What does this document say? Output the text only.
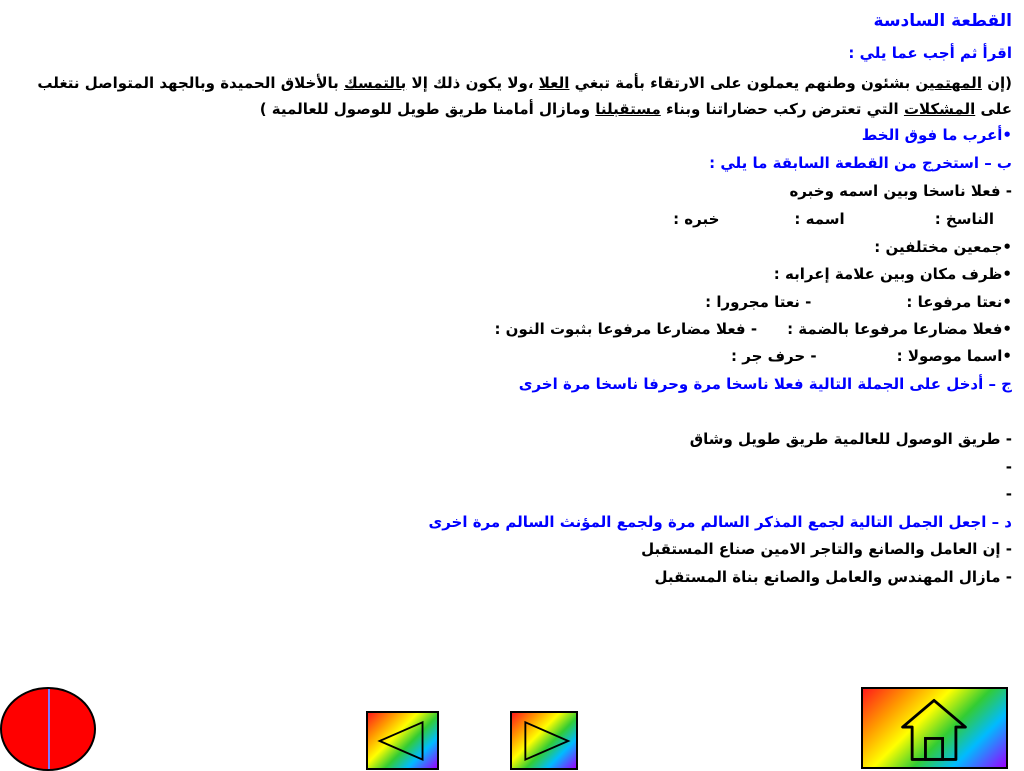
القطعة السادسة
اقرأ ثم أجب عما يلي :
(إن المهتمين بشئون وطنهم يعملون على الارتقاء بأمة تبغي العلا ،ولا يكون ذلك إلا بالتمسك بالأخلاق الحميدة وبالجهد المتواصل نتغلب
على المشكلات التي تعترض ركب حضاراتنا وبناء مستقبلنا ومازال أمامنا طريق طويل للوصول للعالمية )
•أعرب ما فوق الخط
ب – استخرج من القطعة السابقة ما يلي :
- فعلا ناسخا وبين اسمه وخبره
الناسخ :اسمه :خبره :
•جمعين مختلفين :
•ظرف مكان وبين علامة إعرابه :
•نعتا مرفوعا :- نعتا مجرورا :
•فعلا مضارعا مرفوعا بالضمة :- فعلا مضارعا مرفوعا بثبوت النون :
•اسما موصولا :- حرف جر :
ج – أدخل على الجملة التالية فعلا ناسخا مرة وحرفا ناسخا مرة اخرى
- طريق الوصول للعالمية طريق طويل وشاق
-
-
د – اجعل الجمل التالية لجمع المذكر السالم مرة ولجمع المؤنث السالم مرة اخرى
- إن العامل والصانع والتاجر الامين صناع المستقبل
- مازال المهندس والعامل والصانع بناة المستقبل
